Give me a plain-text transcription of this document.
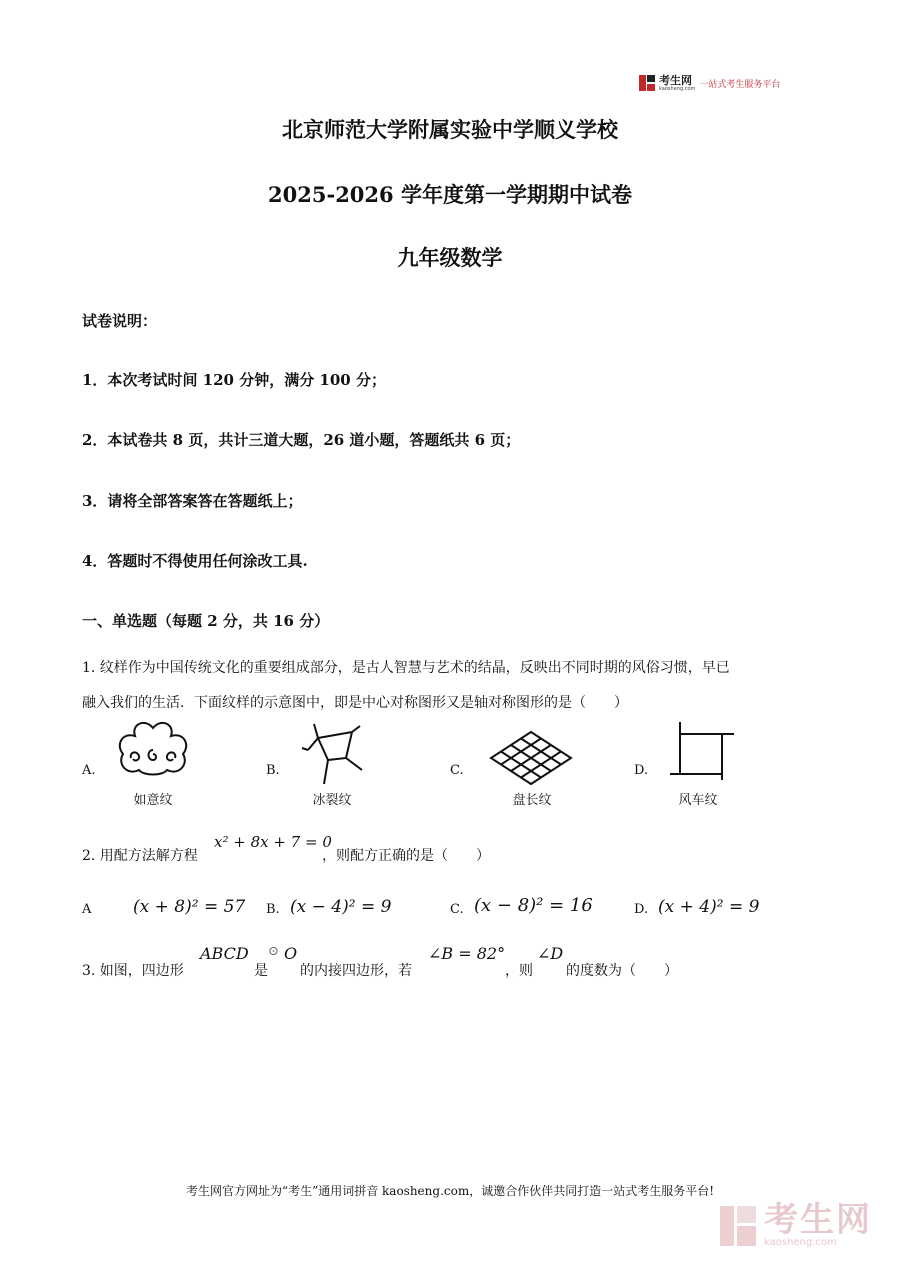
考生网
kaosheng.com 一站式考生服务平台
北京师范大学附属实验中学顺义学校
2025-2026 学年度第一学期期中试卷
九年级数学
试卷说明：
1．本次考试时间 120 分钟，满分 100 分；
2．本试卷共 8 页，共计三道大题，26 道小题，答题纸共 6 页；
3．请将全部答案答在答题纸上；
4．答题时不得使用任何涂改工具.
一、单选题（每题 2 分，共 16 分）
1. 纹样作为中国传统文化的重要组成部分，是古人智慧与艺术的结晶，反映出不同时期的风俗习惯，早已
融入我们的生活．下面纹样的示意图中，即是中心对称图形又是轴对称图形的是（　　）
A.
如意纹
B.
冰裂纹
C.
盘长纹
D.
风车纹
2. 用配方法解方程
x² + 8x + 7 = 0
，则配方正确的是（　　）
A (x + 8)² = 57 B. (x − 4)² = 9	C. (x − 8)² = 16	D. (x + 4)² = 9
3. 如图，四边形
ABCD
是
⊙ O
的内接四边形，若
∠B = 82°
，则
∠D
的度数为（　　）
考生网官方网址为“考生”通用词拼音 kaosheng.com，诚邀合作伙伴共同打造一站式考生服务平台!
考生网
kaosheng.com
